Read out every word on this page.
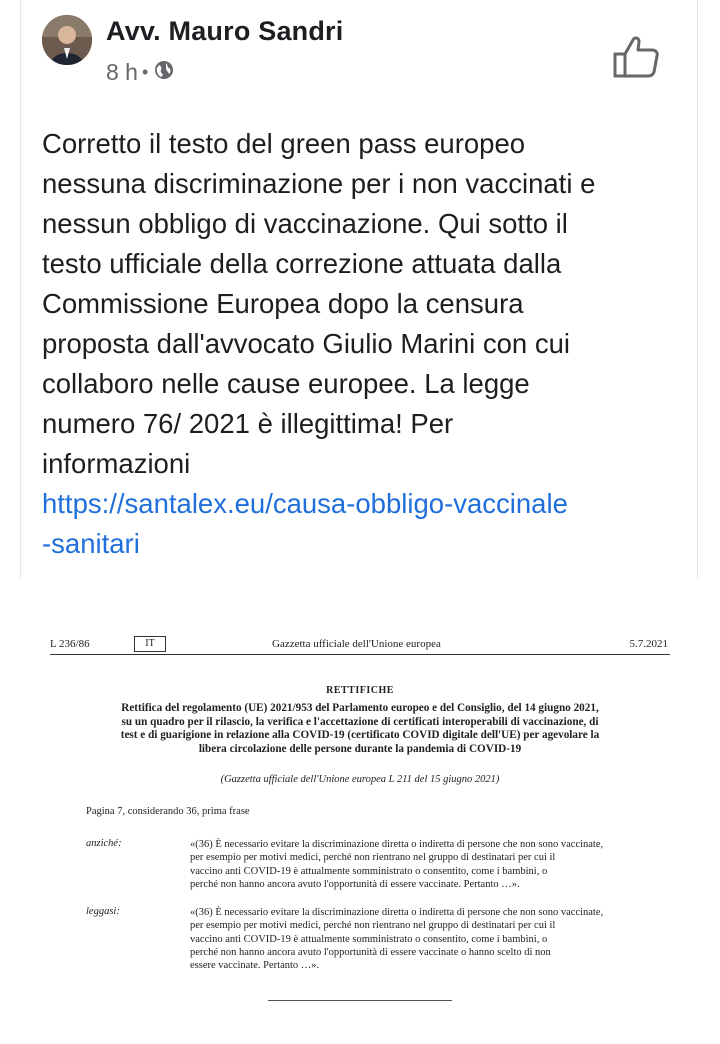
Avv. Mauro Sandri
8 h •

Corretto il testo del green pass europeo
nessuna discriminazione per i non vaccinati e
nessun obbligo di vaccinazione. Qui sotto il
testo ufficiale della correzione attuata dalla
Commissione Europea dopo la censura
proposta dall'avvocato Giulio Marini con cui
collaboro nelle cause europee. La legge
numero 76/ 2021 è illegittima! Per
informazioni
https://santalex.eu/causa-obbligo-vaccinale
-sanitari

L 236/86	IT	Gazzetta ufficiale dell'Unione europea	5.7.2021
RETTIFICHE
Rettifica del regolamento (UE) 2021/953 del Parlamento europeo e del Consiglio, del 14 giugno 2021,
su un quadro per il rilascio, la verifica e l'accettazione di certificati interoperabili di vaccinazione, di
test e di guarigione in relazione alla COVID-19 (certificato COVID digitale dell'UE) per agevolare la
libera circolazione delle persone durante la pandemia di COVID-19
(Gazzetta ufficiale dell'Unione europea L 211 del 15 giugno 2021)
Pagina 7, considerando 36, prima frase
anziché:	«(36) È necessario evitare la discriminazione diretta o indiretta di persone che non sono vaccinate,
per esempio per motivi medici, perché non rientrano nel gruppo di destinatari per cui il
vaccino anti COVID-19 è attualmente somministrato o consentito, come i bambini, o
perché non hanno ancora avuto l'opportunità di essere vaccinate. Pertanto …».
leggasi:	«(36) È necessario evitare la discriminazione diretta o indiretta di persone che non sono vaccinate,
per esempio per motivi medici, perché non rientrano nel gruppo di destinatari per cui il
vaccino anti COVID-19 è attualmente somministrato o consentito, come i bambini, o
perché non hanno ancora avuto l'opportunità di essere vaccinate o hanno scelto di non
essere vaccinate. Pertanto …».
